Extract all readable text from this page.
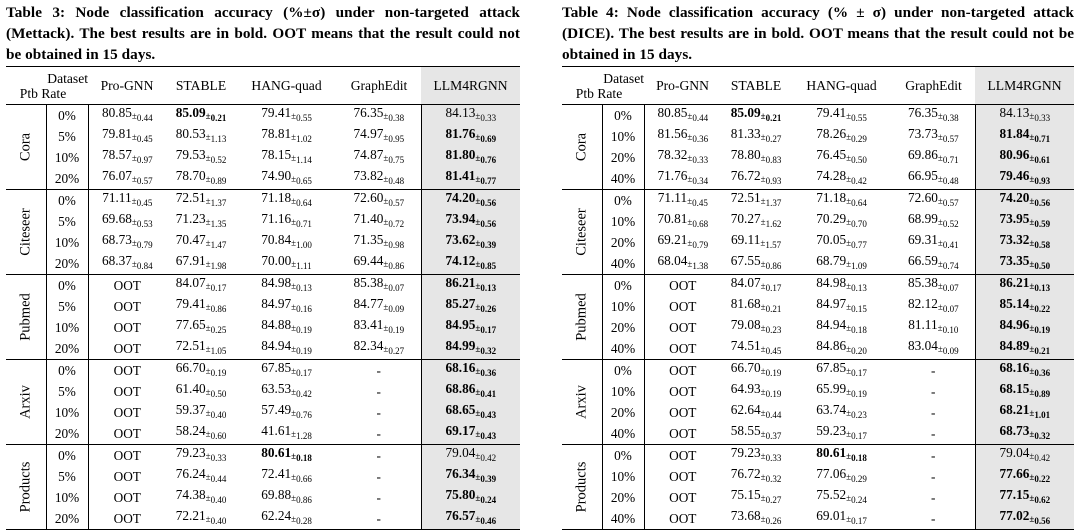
Table 3: Node classification accuracy (%±σ) under non-targeted attack (Mettack). The best results are in bold. OOT means that the result could not be obtained in 15 days.
Dataset
Ptb Rate		Pro-GNN	STABLE	HANG-quad	GraphEdit	LLM4RGNN

Cora	0%	$80.85_{\pm_{0.44}}$	$85.09_{\pm_{0.21}}$	$79.41_{\pm_{0.55}}$	$76.35_{\pm_{0.38}}$	$84.13_{\pm_{0.33}}$
	5%	$79.81_{\pm_{0.45}}$	$80.53_{\pm_{1.13}}$	$78.81_{\pm_{1.02}}$	$74.97_{\pm_{0.95}}$	$81.76_{\pm_{0.69}}$
	10%	$78.57_{\pm_{0.97}}$	$79.53_{\pm_{0.52}}$	$78.15_{\pm_{1.14}}$	$74.87_{\pm_{0.75}}$	$81.80_{\pm_{0.76}}$
	20%	$76.07_{\pm_{0.57}}$	$78.70_{\pm_{0.89}}$	$74.90_{\pm_{0.65}}$	$73.82_{\pm_{0.48}}$	$81.41_{\pm_{0.77}}$

Citeseer	0%	$71.11_{\pm_{0.45}}$	$72.51_{\pm_{1.37}}$	$71.18_{\pm_{0.64}}$	$72.60_{\pm_{0.57}}$	$74.20_{\pm_{0.56}}$
	5%	$69.68_{\pm_{0.53}}$	$71.23_{\pm_{1.35}}$	$71.16_{\pm_{0.71}}$	$71.40_{\pm_{0.72}}$	$73.94_{\pm_{0.56}}$
	10%	$68.73_{\pm_{0.79}}$	$70.47_{\pm_{1.47}}$	$70.84_{\pm_{1.00}}$	$71.35_{\pm_{0.98}}$	$73.62_{\pm_{0.39}}$
	20%	$68.37_{\pm_{0.84}}$	$67.91_{\pm_{1.98}}$	$70.00_{\pm_{1.11}}$	$69.44_{\pm_{0.86}}$	$74.12_{\pm_{0.85}}$

Pubmed	0%	OOT	$84.07_{\pm_{0.17}}$	$84.98_{\pm_{0.13}}$	$85.38_{\pm_{0.07}}$	$86.21_{\pm_{0.13}}$
	5%	OOT	$79.41_{\pm_{0.86}}$	$84.97_{\pm_{0.16}}$	$84.77_{\pm_{0.09}}$	$85.27_{\pm_{0.26}}$
	10%	OOT	$77.65_{\pm_{0.25}}$	$84.88_{\pm_{0.19}}$	$83.41_{\pm_{0.19}}$	$84.95_{\pm_{0.17}}$
	20%	OOT	$72.51_{\pm_{1.05}}$	$84.94_{\pm_{0.19}}$	$82.34_{\pm_{0.27}}$	$84.99_{\pm_{0.32}}$

Arxiv	0%	OOT	$66.70_{\pm_{0.19}}$	$67.85_{\pm_{0.17}}$	-	$68.16_{\pm_{0.36}}$
	5%	OOT	$61.40_{\pm_{0.50}}$	$63.53_{\pm_{0.42}}$	-	$68.86_{\pm_{0.41}}$
	10%	OOT	$59.37_{\pm_{0.40}}$	$57.49_{\pm_{0.76}}$	-	$68.65_{\pm_{0.43}}$
	20%	OOT	$58.24_{\pm_{0.60}}$	$41.61_{\pm_{1.28}}$	-	$69.17_{\pm_{0.43}}$

Products	0%	OOT	$79.23_{\pm_{0.33}}$	$80.61_{\pm_{0.18}}$	-	$79.04_{\pm_{0.42}}$
	5%	OOT	$76.24_{\pm_{0.44}}$	$72.41_{\pm_{0.66}}$	-	$76.34_{\pm_{0.39}}$
	10%	OOT	$74.38_{\pm_{0.40}}$	$69.88_{\pm_{0.86}}$	-	$75.80_{\pm_{0.24}}$
	20%	OOT	$72.21_{\pm_{0.40}}$	$62.24_{\pm_{0.28}}$	-	$76.57_{\pm_{0.46}}$
Table 4: Node classification accuracy (% ± σ) under non-targeted attack (DICE). The best results are in bold. OOT means that the result could not be obtained in 15 days.
Dataset
Ptb Rate		Pro-GNN	STABLE	HANG-quad	GraphEdit	LLM4RGNN

Cora	0%	$80.85_{\pm_{0.44}}$	$85.09_{\pm_{0.21}}$	$79.41_{\pm_{0.55}}$	$76.35_{\pm_{0.38}}$	$84.13_{\pm_{0.33}}$
	10%	$81.56_{\pm_{0.36}}$	$81.33_{\pm_{0.27}}$	$78.26_{\pm_{0.29}}$	$73.73_{\pm_{0.57}}$	$81.84_{\pm_{0.71}}$
	20%	$78.32_{\pm_{0.33}}$	$78.80_{\pm_{0.83}}$	$76.45_{\pm_{0.50}}$	$69.86_{\pm_{0.71}}$	$80.96_{\pm_{0.61}}$
	40%	$71.76_{\pm_{0.34}}$	$76.72_{\pm_{0.93}}$	$74.28_{\pm_{0.42}}$	$66.95_{\pm_{0.48}}$	$79.46_{\pm_{0.93}}$

Citeseer	0%	$71.11_{\pm_{0.45}}$	$72.51_{\pm_{1.37}}$	$71.18_{\pm_{0.64}}$	$72.60_{\pm_{0.57}}$	$74.20_{\pm_{0.56}}$
	10%	$70.81_{\pm_{0.68}}$	$70.27_{\pm_{1.62}}$	$70.29_{\pm_{0.70}}$	$68.99_{\pm_{0.52}}$	$73.95_{\pm_{0.59}}$
	20%	$69.21_{\pm_{0.79}}$	$69.11_{\pm_{1.57}}$	$70.05_{\pm_{0.77}}$	$69.31_{\pm_{0.41}}$	$73.32_{\pm_{0.58}}$
	40%	$68.04_{\pm_{1.38}}$	$67.55_{\pm_{0.86}}$	$68.79_{\pm_{1.09}}$	$66.59_{\pm_{0.74}}$	$73.35_{\pm_{0.50}}$

Pubmed	0%	OOT	$84.07_{\pm_{0.17}}$	$84.98_{\pm_{0.13}}$	$85.38_{\pm_{0.07}}$	$86.21_{\pm_{0.13}}$
	10%	OOT	$81.68_{\pm_{0.21}}$	$84.97_{\pm_{0.15}}$	$82.12_{\pm_{0.07}}$	$85.14_{\pm_{0.22}}$
	20%	OOT	$79.08_{\pm_{0.23}}$	$84.94_{\pm_{0.18}}$	$81.11_{\pm_{0.10}}$	$84.96_{\pm_{0.19}}$
	40%	OOT	$74.51_{\pm_{0.45}}$	$84.86_{\pm_{0.20}}$	$83.04_{\pm_{0.09}}$	$84.89_{\pm_{0.21}}$

Arxiv	0%	OOT	$66.70_{\pm_{0.19}}$	$67.85_{\pm_{0.17}}$	-	$68.16_{\pm_{0.36}}$
	10%	OOT	$64.93_{\pm_{0.19}}$	$65.99_{\pm_{0.19}}$	-	$68.15_{\pm_{0.89}}$
	20%	OOT	$62.64_{\pm_{0.44}}$	$63.74_{\pm_{0.23}}$	-	$68.21_{\pm_{1.01}}$
	40%	OOT	$58.55_{\pm_{0.37}}$	$59.23_{\pm_{0.17}}$	-	$68.73_{\pm_{0.32}}$

Products	0%	OOT	$79.23_{\pm_{0.33}}$	$80.61_{\pm_{0.18}}$	-	$79.04_{\pm_{0.42}}$
	10%	OOT	$76.72_{\pm_{0.32}}$	$77.06_{\pm_{0.29}}$	-	$77.66_{\pm_{0.22}}$
	20%	OOT	$75.15_{\pm_{0.27}}$	$75.52_{\pm_{0.24}}$	-	$77.15_{\pm_{0.62}}$
	40%	OOT	$73.68_{\pm_{0.26}}$	$69.01_{\pm_{0.17}}$	-	$77.02_{\pm_{0.56}}$
